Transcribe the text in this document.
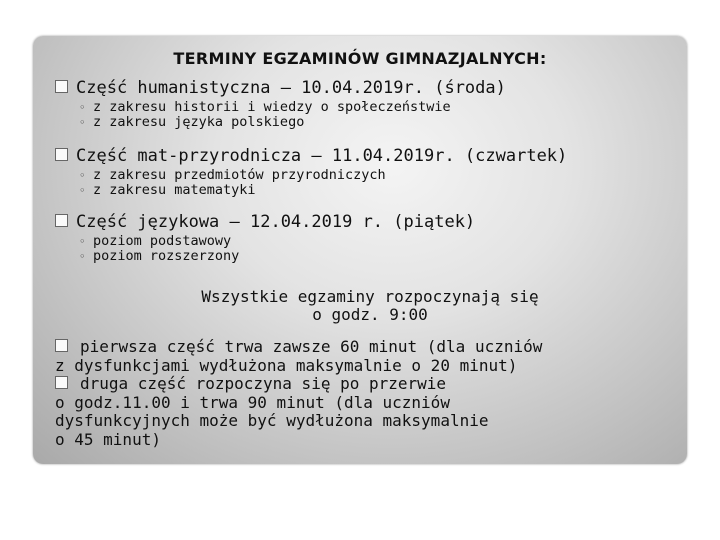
TERMINY EGZAMINÓW GIMNAZJALNYCH:
Część humanistyczna – 10.04.2019r. (środa)
◦ z zakresu historii i wiedzy o społeczeństwie
◦ z zakresu języka polskiego
Część mat-przyrodnicza – 11.04.2019r. (czwartek)
◦ z zakresu przedmiotów przyrodniczych
◦ z zakresu matematyki
Część językowa – 12.04.2019 r. (piątek)
◦ poziom podstawowy
◦ poziom rozszerzony
Wszystkie egzaminy rozpoczynają się
o godz. 9:00
pierwsza część trwa zawsze 60 minut (dla uczniów
z dysfunkcjami wydłużona maksymalnie o 20 minut)
druga część rozpoczyna się po przerwie
o godz.11.00 i trwa 90 minut (dla uczniów
dysfunkcyjnych może być wydłużona maksymalnie
o 45 minut)
